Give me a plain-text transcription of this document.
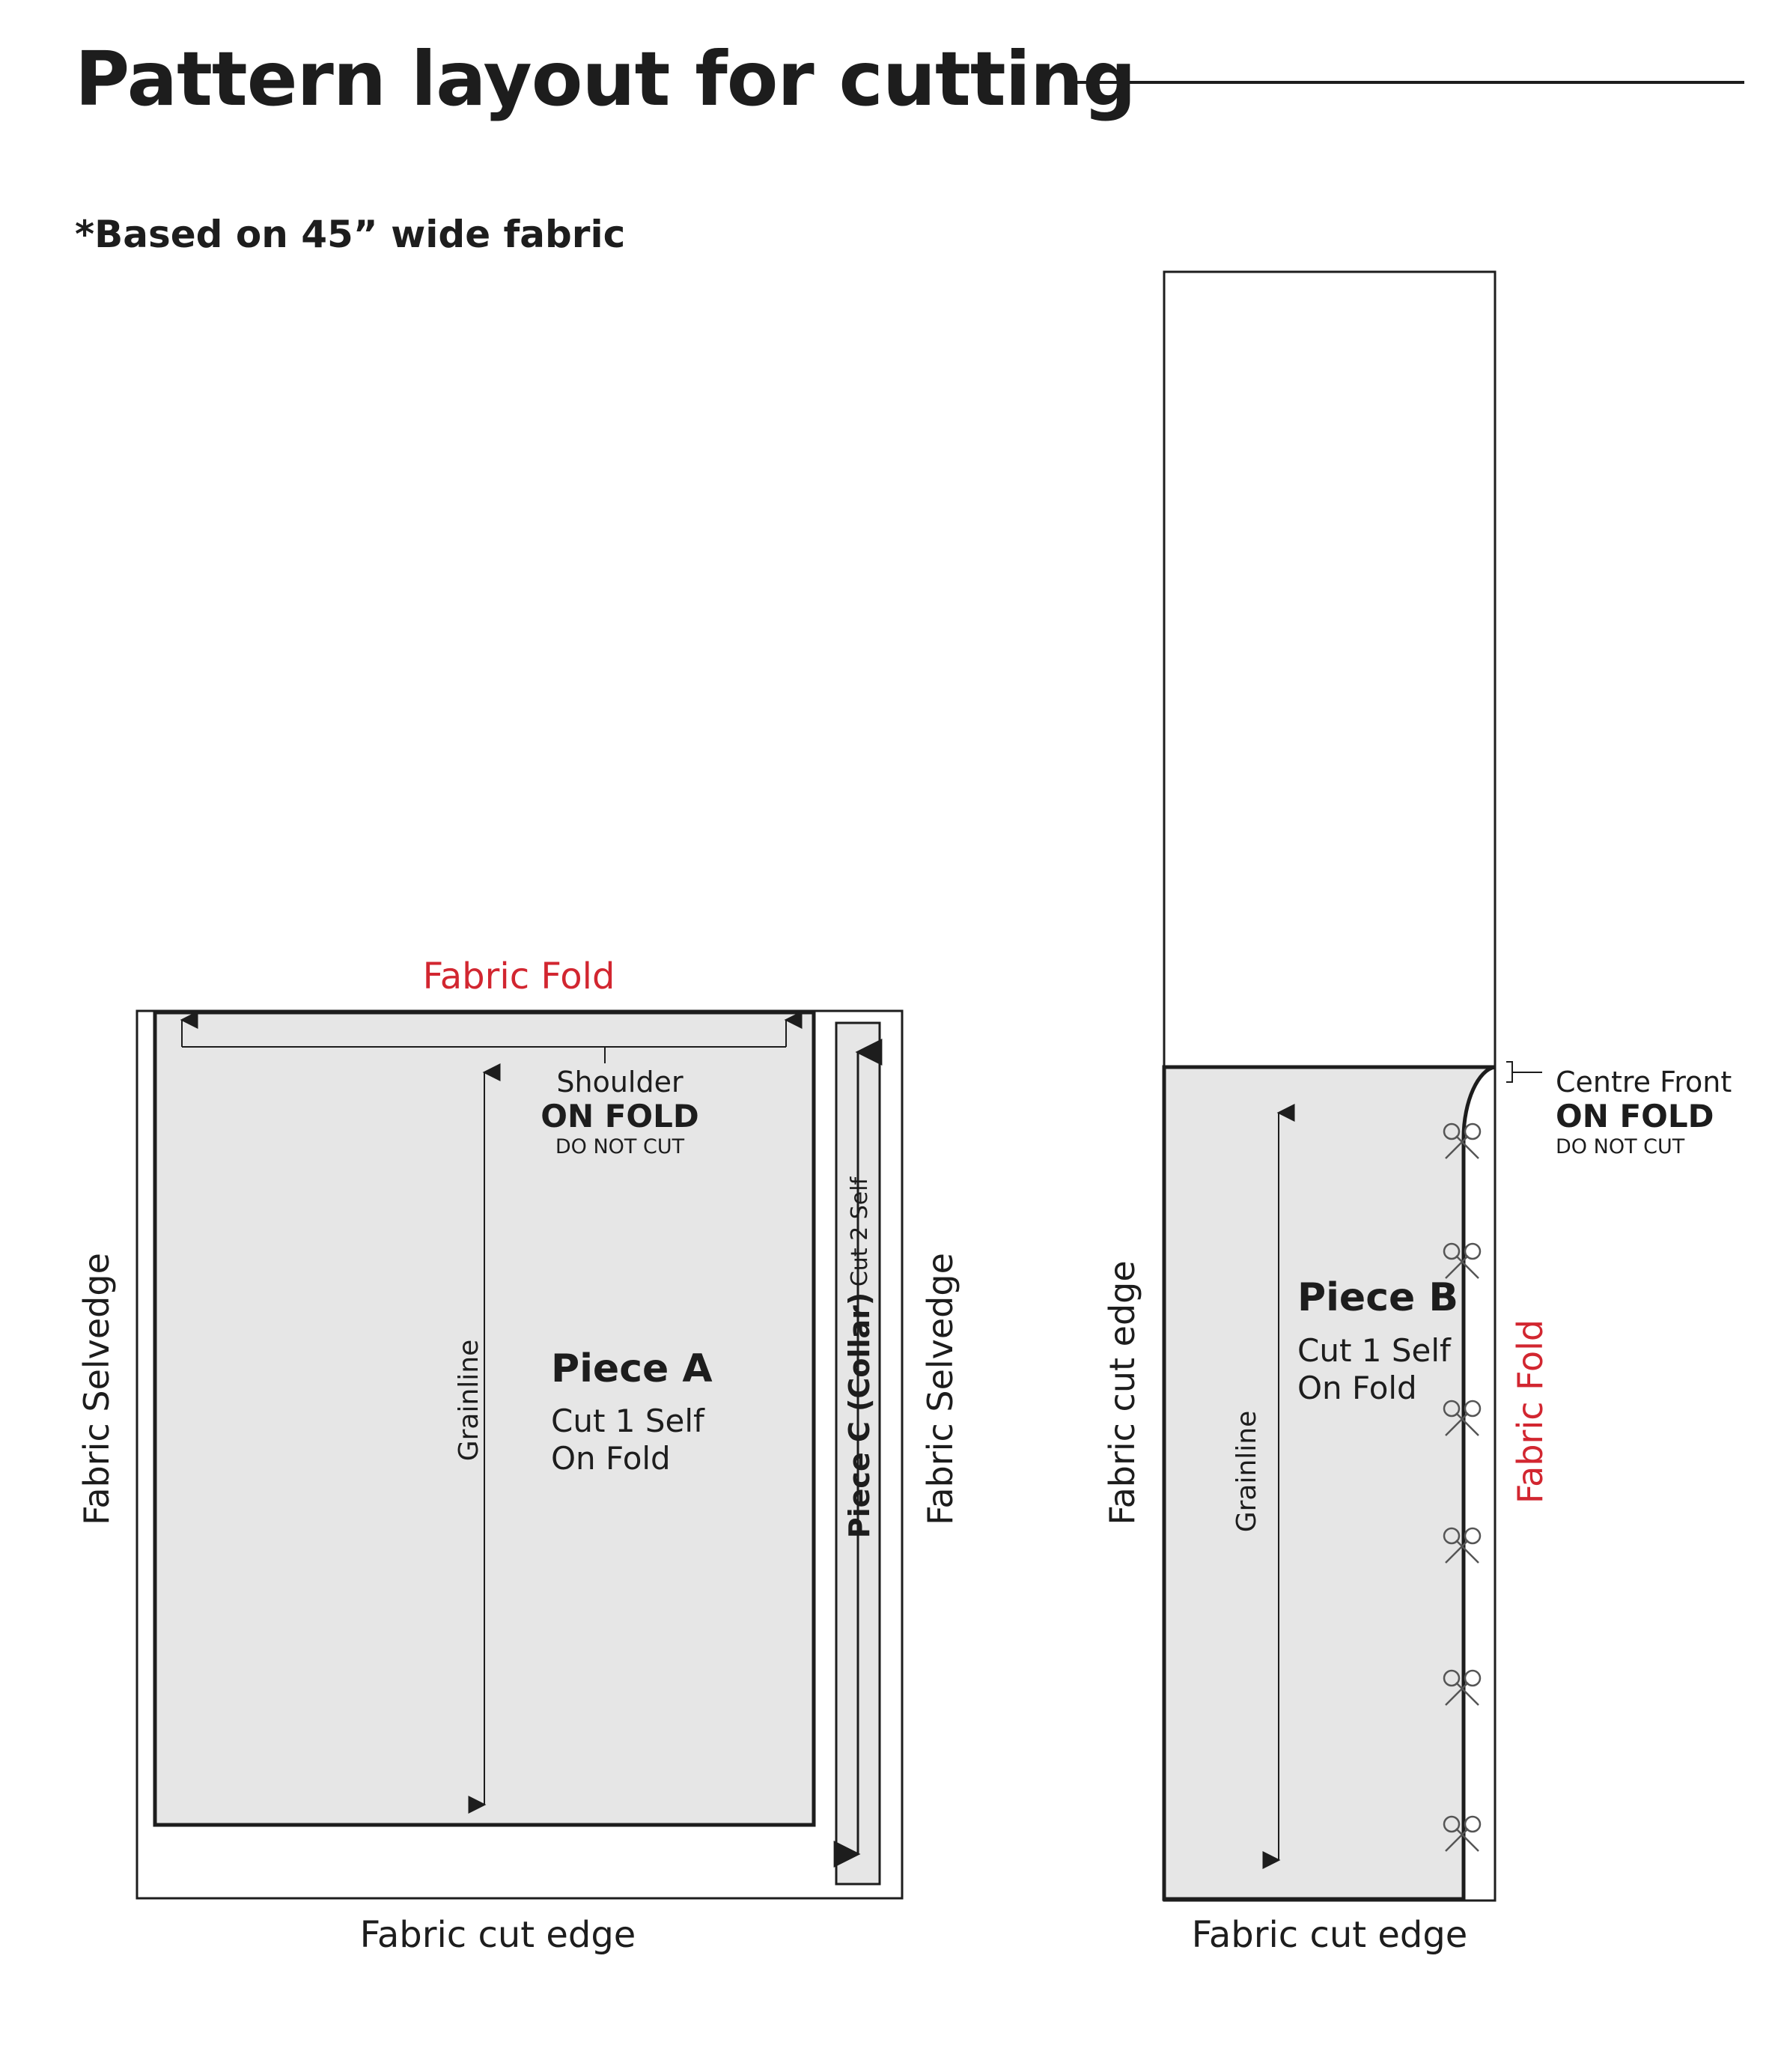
Pattern layout for cutting
*Based on 45” wide fabric
Fabric Fold
Shoulder
ON FOLD
DO NOT CUT
Grainline Piece A
Cut 1 Self
On Fold	Piece C (Collar)
Cut 2 Self
Fabric Selvedge	Fabric Selvedge
Fabric cut edge
Centre Front
ON FOLD
DO NOT CUT
Grainline
Piece B
Cut 1 Self
On Fold
Fabric cut edge	Fabric Fold
Fabric cut edge
